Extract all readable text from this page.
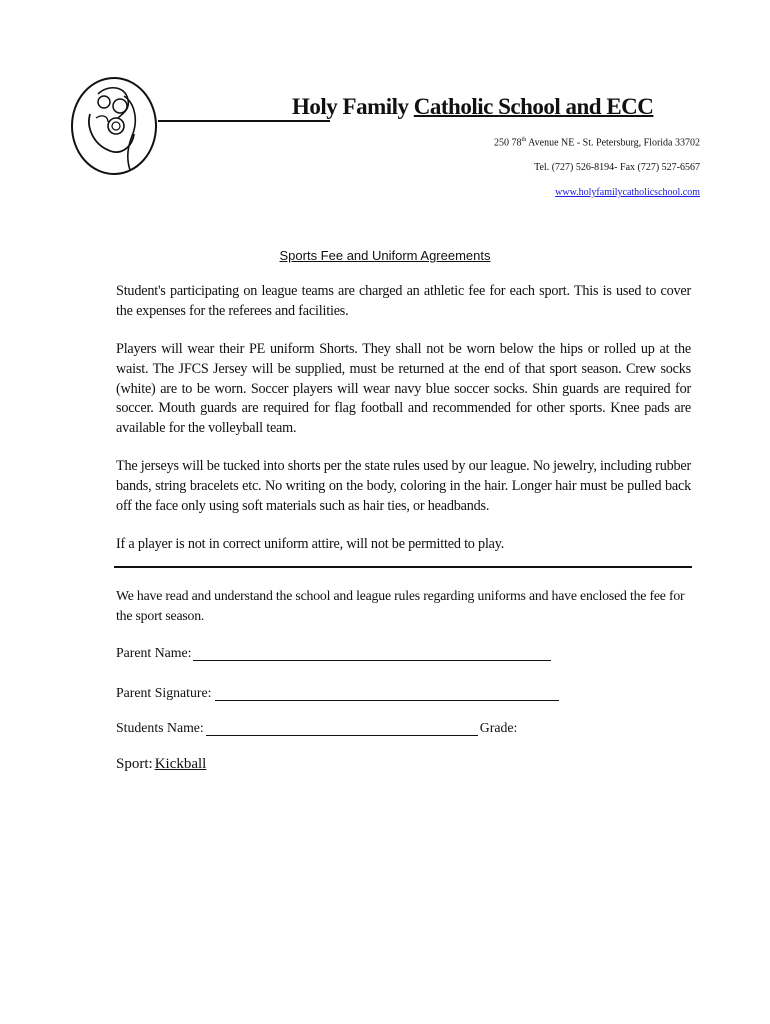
Holy Family Catholic School and ECC
250 78th Avenue NE - St. Petersburg, Florida 33702
Tel. (727) 526-8194- Fax (727) 527-6567
www.holyfamilycatholicschool.com
Sports Fee and Uniform Agreements
Student's participating on league teams are charged an athletic fee for each sport. This is used to cover the expenses for the referees and facilities.
Players will wear their PE uniform Shorts. They shall not be worn below the hips or rolled up at the waist. The JFCS Jersey will be supplied, must be returned at the end of that sport season. Crew socks (white) are to be worn. Soccer players will wear navy blue soccer socks. Shin guards are required for soccer. Mouth guards are required for flag football and recommended for other sports. Knee pads are available for the volleyball team.
The jerseys will be tucked into shorts per the state rules used by our league. No jewelry, including rubber bands, string bracelets etc. No writing on the body, coloring in the hair. Longer hair must be pulled back off the face only using soft materials such as hair ties, or headbands.
If a player is not in correct uniform attire, will not be permitted to play.
We have read and understand the school and league rules regarding uniforms and have enclosed the fee for the sport season.
Parent Name:
Parent Signature:
Students Name:	Grade:
Sport: Kickball
